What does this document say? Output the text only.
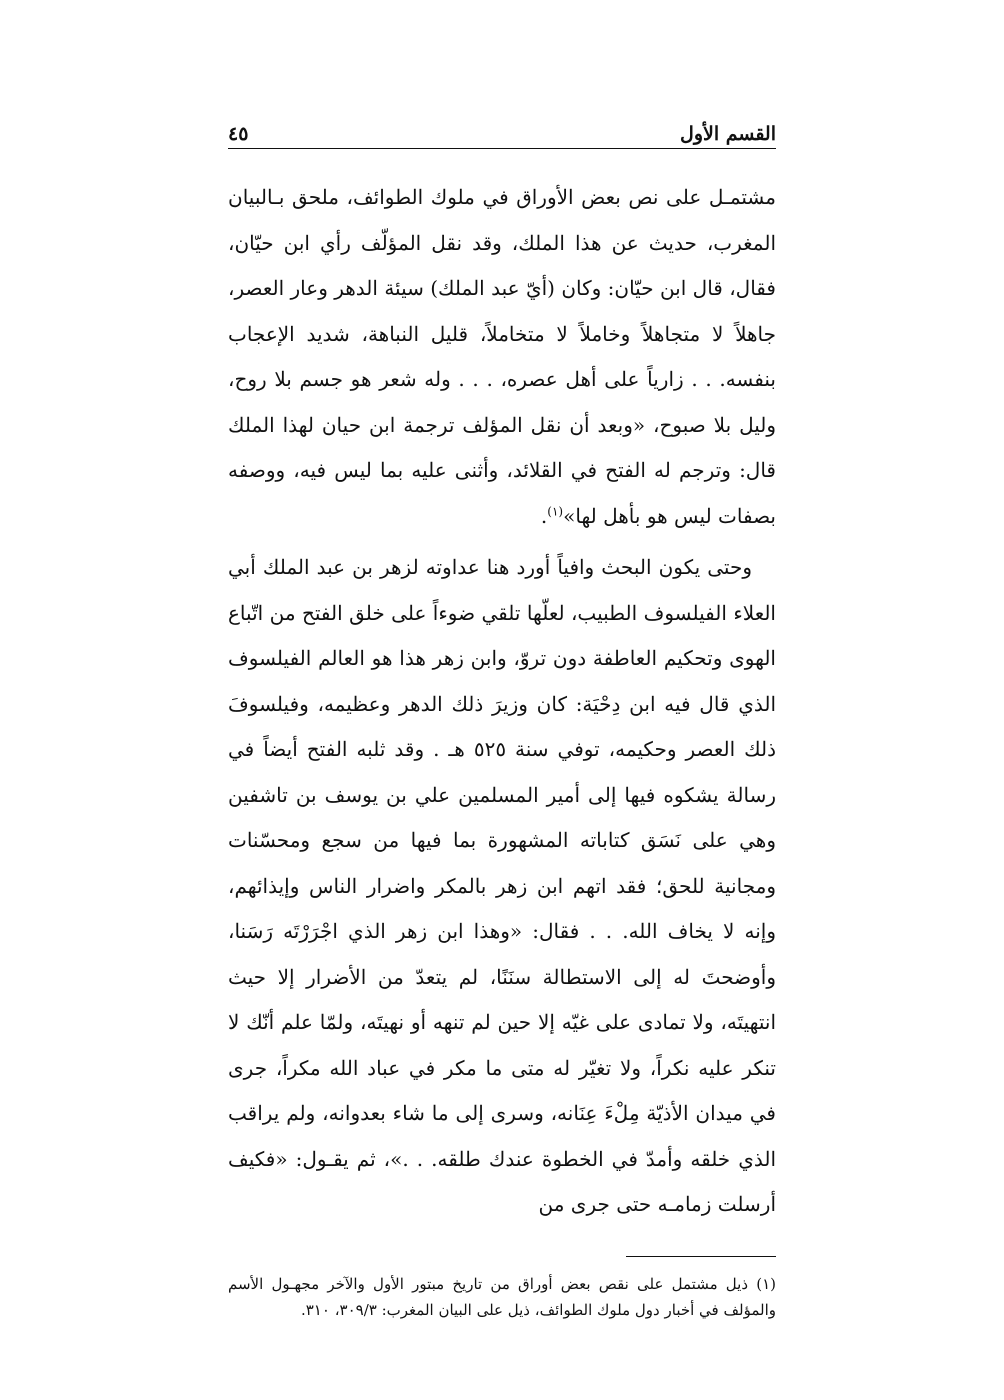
القسم الأول
٤٥

مشتمـل على نص بعض الأوراق في ملوك الطوائف، ملحق بـالبيان المغرب، حديث عن هذا الملك، وقد نقل المؤلّف رأي ابن حيّان، فقال، قال ابن حيّان: وكان (أيّ عبد الملك) سيئة الدهر وعار العصر، جاهلاً لا متجاهلاً وخاملاً لا متخاملاً، قليل النباهة، شديد الإعجاب بنفسه. . . زارياً على أهل عصره، . . . وله شعر هو جسم بلا روح، وليل بلا صبوح، «وبعد أن نقل المؤلف ترجمة ابن حيان لهذا الملك قال: وترجم له الفتح في القلائد، وأثنى عليه بما ليس فيه، ووصفه بصفات ليس هو بأهل لها»$^{(١)}$.

وحتى يكون البحث وافياً أورد هنا عداوته لزهر بن عبد الملك أبي العلاء الفيلسوف الطبيب، لعلّها تلقي ضوءاً على خلق الفتح من اتّباع الهوى وتحكيم العاطفة دون تروّ، وابن زهر هذا هو العالم الفيلسوف الذي قال فيه ابن دِحْيَة: كان وزيرَ ذلك الدهر وعظيمه، وفيلسوفَ ذلك العصر وحكيمه، توفي سنة ٥٢٥ هـ . وقد ثلبه الفتح أيضاً في رسالة يشكوه فيها إلى أمير المسلمين علي بن يوسف بن تاشفين وهي على نَسَق كتاباته المشهورة بما فيها من سجع ومحسّنات ومجانية للحق؛ فقد اتهم ابن زهر بالمكر واضرار الناس وإيذائهم، وإنه لا يخاف الله. . . فقال: «وهذا ابن زهر الذي اجْرَرْتَه رَسَنا، وأوضحتَ له إلى الاستطالة سنَنًا، لم يتعدّ من الأضرار إلا حيث انتهيتَه، ولا تمادى على غيّه إلا حين لم تنهه أو نهيتَه، ولمّا علم أنّك لا تنكر عليه نكراً، ولا تغيّر له متى ما مكر في عباد الله مكراً، جرى في ميدان الأذيّة مِلْءَ عِنَانه، وسرى إلى ما شاء بعدوانه، ولم يراقب الذي خلقه وأمدّ في الخطوة عندك طلقه. . .»، ثم يقـول: «فكيف أرسلت زمامـه حتى جرى من

(١) ذيل مشتمل على نقص بعض أوراق من تاريخ مبتور الأول والآخر مجهـول الأسم والمؤلف في أخبار دول ملوك الطوائف، ذيل على البيان المغرب: ٣٠٩/٣، ٣١٠.
